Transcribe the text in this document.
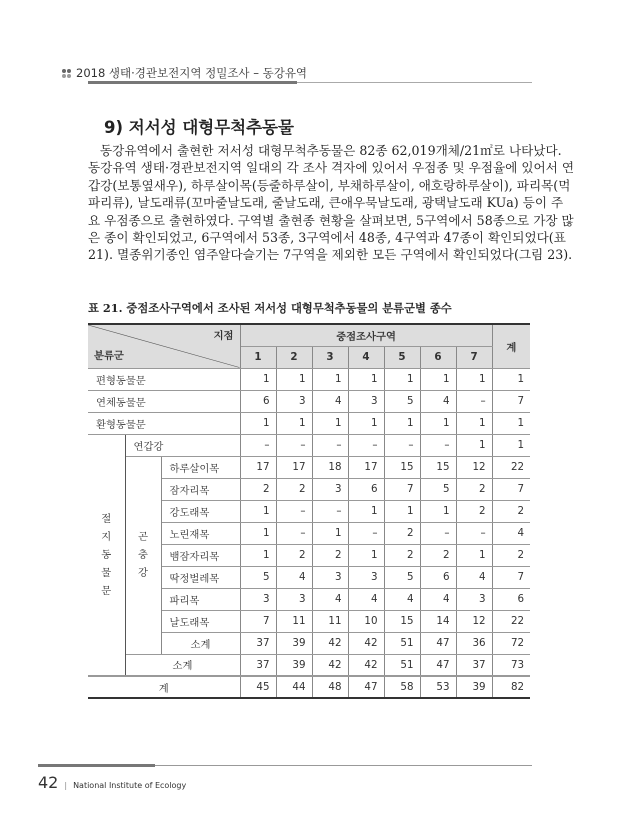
2018 생태·경관보전지역 정밀조사 – 동강유역
9) 저서성 대형무척추동물
동강유역에서 출현한 저서성 대형무척추동물은 82종 62,019개체/21㎡로 나타났다.
동강유역 생태·경관보전지역 일대의 각 조사 격자에 있어서 우점종 및 우점율에 있어서 연
갑강(보통옆새우), 하루살이목(등줄하루살이, 부채하루살이, 애호랑하루살이), 파리목(먹
파리류), 날도래류(꼬마줄날도래, 줄날도래, 큰애우묵날도래, 광택날도래 KUa) 등이 주
요 우점종으로 출현하였다. 구역별 출현종 현황을 살펴보면, 5구역에서 58종으로 가장 많
은 종이 확인되었고, 6구역에서 53종, 3구역에서 48종, 4구역과 47종이 확인되었다(표
21). 멸종위기종인 염주알다슬기는 7구역을 제외한 모든 구역에서 확인되었다(그림 23).
표 21. 중점조사구역에서 조사된 저서성 대형무척추동물의 분류군별 종수
지점
분류군			중점조사구역							계
			1	2	3	4	5	6	7	
편형동물문			1	1	1	1	1	1	1	1
연체동물문			6	3	4	3	5	4	–	7
환형동물문			1	1	1	1	1	1	1	1
절지동물문	연갑강		–	–	–	–	–	–	1	1
	곤충강	하루살이목	17	17	18	17	15	15	12	22
		잠자리목	2	2	3	6	7	5	2	7
		강도래목	1	–	–	1	1	1	2	2
		노린재목	1	–	1	–	2	–	–	4
		뱀잠자리목	1	2	2	1	2	2	1	2
		딱정벌레목	5	4	3	3	5	6	4	7
		파리목	3	3	4	4	4	4	3	6
		날도래목	7	11	11	10	15	14	12	22
		소계	37	39	42	42	51	47	36	72
	소계		37	39	42	42	51	47	37	73
계			45	44	48	47	58	53	39	82
42 | National Institute of Ecology
